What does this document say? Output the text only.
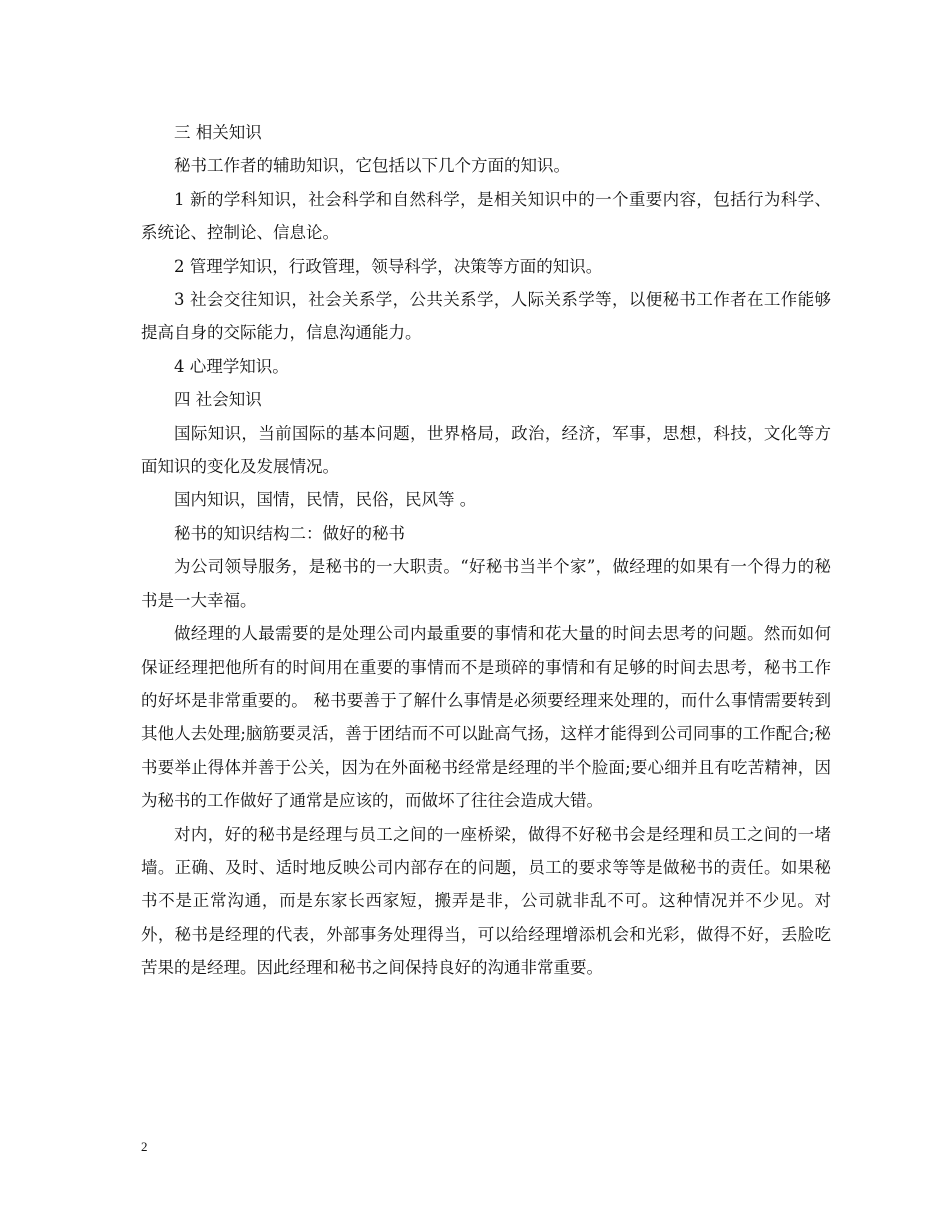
三 相关知识

秘书工作者的辅助知识，它包括以下几个方面的知识。

1 新的学科知识，社会科学和自然科学，是相关知识中的一个重要内容，包括行为科学、系统论、控制论、信息论。

2 管理学知识，行政管理，领导科学，决策等方面的知识。

3 社会交往知识，社会关系学，公共关系学，人际关系学等，以便秘书工作者在工作能够提高自身的交际能力，信息沟通能力。

4 心理学知识。

四 社会知识

国际知识，当前国际的基本问题，世界格局，政治，经济，军事，思想，科技，文化等方面知识的变化及发展情况。

国内知识，国情，民情，民俗，民风等 。

秘书的知识结构二：做好的秘书

为公司领导服务，是秘书的一大职责。“好秘书当半个家”，做经理的如果有一个得力的秘书是一大幸福。

做经理的人最需要的是处理公司内最重要的事情和花大量的时间去思考的问题。然而如何保证经理把他所有的时间用在重要的事情而不是琐碎的事情和有足够的时间去思考，秘书工作的好坏是非常重要的。 秘书要善于了解什么事情是必须要经理来处理的，而什么事情需要转到其他人去处理;脑筋要灵活，善于团结而不可以趾高气扬，这样才能得到公司同事的工作配合;秘书要举止得体并善于公关，因为在外面秘书经常是经理的半个脸面;要心细并且有吃苦精神，因为秘书的工作做好了通常是应该的，而做坏了往往会造成大错。

对内，好的秘书是经理与员工之间的一座桥梁，做得不好秘书会是经理和员工之间的一堵墙。正确、及时、适时地反映公司内部存在的问题，员工的要求等等是做秘书的责任。如果秘书不是正常沟通，而是东家长西家短，搬弄是非，公司就非乱不可。这种情况并不少见。对外，秘书是经理的代表，外部事务处理得当，可以给经理增添机会和光彩，做得不好，丢脸吃苦果的是经理。因此经理和秘书之间保持良好的沟通非常重要。

2
